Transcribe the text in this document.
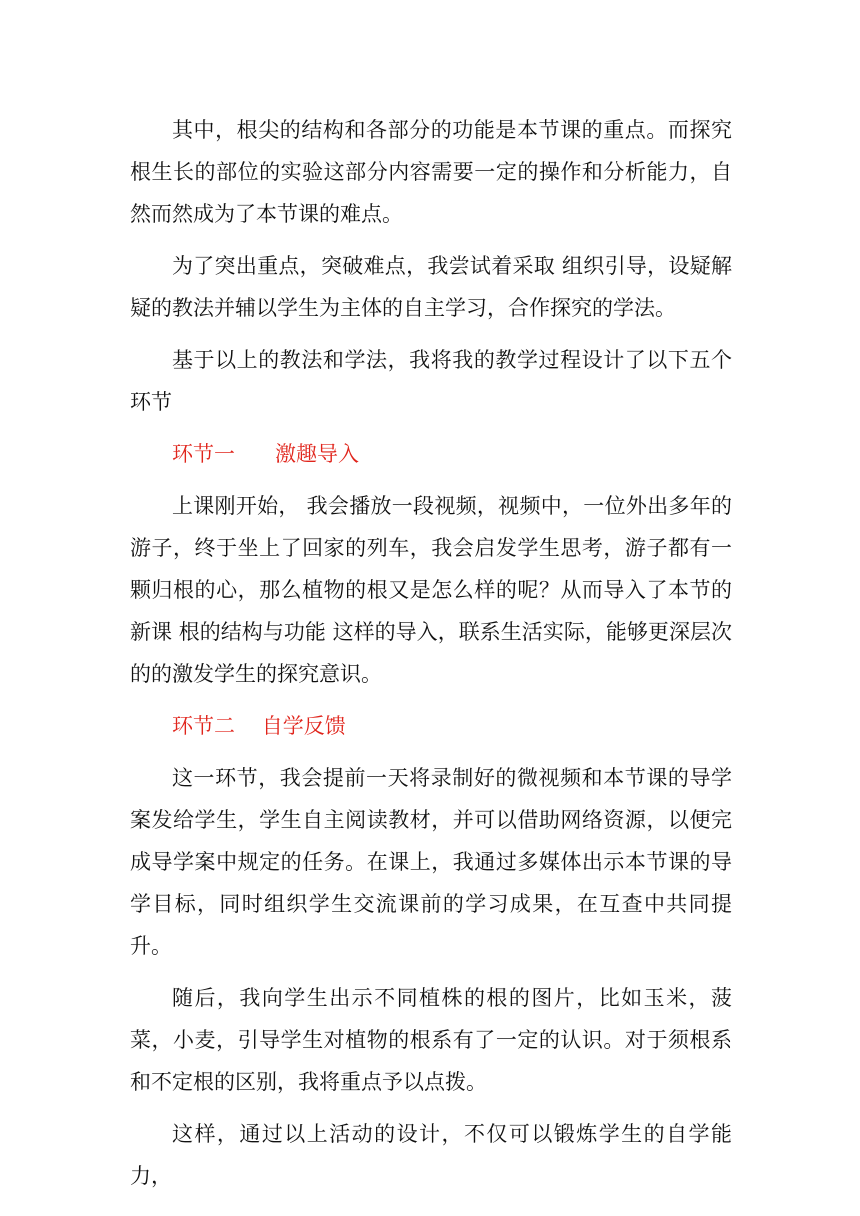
其中，根尖的结构和各部分的功能是本节课的重点。而探究根生长的部位的实验这部分内容需要一定的操作和分析能力，自然而然成为了本节课的难点。

为了突出重点，突破难点，我尝试着采取 组织引导，设疑解疑的教法并辅以学生为主体的自主学习，合作探究的学法。

基于以上的教法和学法，我将我的教学过程设计了以下五个环节

环节一      激趣导入

上课刚开始， 我会播放一段视频，视频中，一位外出多年的游子，终于坐上了回家的列车，我会启发学生思考，游子都有一颗归根的心，那么植物的根又是怎么样的呢？从而导入了本节的新课 根的结构与功能 这样的导入，联系生活实际，能够更深层次的的激发学生的探究意识。

环节二    自学反馈

这一环节，我会提前一天将录制好的微视频和本节课的导学案发给学生，学生自主阅读教材，并可以借助网络资源，以便完成导学案中规定的任务。在课上，我通过多媒体出示本节课的导学目标，同时组织学生交流课前的学习成果，在互查中共同提升。

随后，我向学生出示不同植株的根的图片，比如玉米，菠菜，小麦，引导学生对植物的根系有了一定的认识。对于须根系和不定根的区别，我将重点予以点拨。

这样，通过以上活动的设计，不仅可以锻炼学生的自学能力，
